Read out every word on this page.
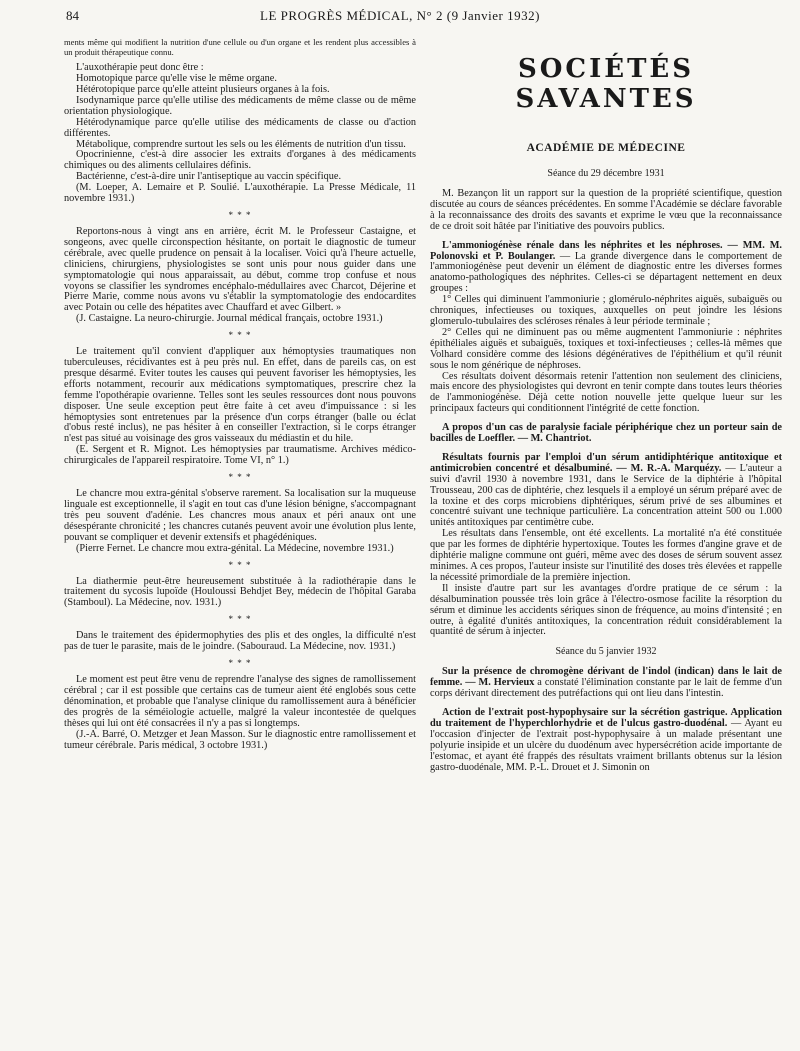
84	LE PROGRÈS MÉDICAL, N° 2 (9 Janvier 1932)

ments même qui modifient la nutrition d'une cellule ou d'un organe et les rendent plus accessibles à un produit thérapeutique connu.

L'auxothérapie peut donc être :

Homotopique parce qu'elle vise le même organe.

Hétérotopique parce qu'elle atteint plusieurs organes à la fois.

Isodynamique parce qu'elle utilise des médicaments de même classe ou de même orientation physiologique.

Hétérodynamique parce qu'elle utilise des médicaments de classe ou d'action différentes.

Métabolique, comprendre surtout les sels ou les éléments de nutrition d'un tissu.

Opocrinienne, c'est-à dire associer les extraits d'organes à des médicaments chimiques ou des aliments cellulaires définis.

Bactérienne, c'est-à-dire unir l'antiseptique au vaccin spécifique.

(M. Loeper, A. Lemaire et P. Soulié. L'auxothérapie. La Presse Médicale, 11 novembre 1931.)

* * *

Reportons-nous à vingt ans en arrière, écrit M. le Professeur Castaigne, et songeons, avec quelle circonspection hésitante, on portait le diagnostic de tumeur cérébrale, avec quelle prudence on pensait à la localiser. Voici qu'à l'heure actuelle, cliniciens, chirurgiens, physiologistes se sont unis pour nous guider dans une symptomatologie qui nous apparaissait, au début, comme trop confuse et nous voyons se classifier les syndromes encéphalo-médullaires avec Charcot, Déjerine et Pierre Marie, comme nous avons vu s'établir la symptomatologie des endocardites avec Potain ou celle des hépatites avec Chauffard et avec Gilbert. »

(J. Castaigne. La neuro-chirurgie. Journal médical français, octobre 1931.)

* * *

Le traitement qu'il convient d'appliquer aux hémoptysies traumatiques non tuberculeuses, récidivantes est à peu près nul. En effet, dans de pareils cas, on est presque désarmé. Eviter toutes les causes qui peuvent favoriser les hémoptysies, les efforts notamment, recourir aux médications symptomatiques, prescrire chez la femme l'opothérapie ovarienne. Telles sont les seules ressources dont nous pouvons disposer. Une seule exception peut être faite à cet aveu d'impuissance : si les hémoptysies sont entretenues par la présence d'un corps étranger (balle ou éclat d'obus resté inclus), ne pas hésiter à en conseiller l'extraction, si le corps étranger n'est pas situé au voisinage des gros vaisseaux du médiastin et du hile.

(E. Sergent et R. Mignot. Les hémoptysies par traumatisme. Archives médico-chirurgicales de l'appareil respiratoire. Tome VI, n° 1.)

* * *

Le chancre mou extra-génital s'observe rarement. Sa localisation sur la muqueuse linguale est exceptionnelle, il s'agit en tout cas d'une lésion bénigne, s'accompagnant très peu souvent d'adénie. Les chancres mous anaux et péri anaux ont une désespérante chronicité ; les chancres cutanés peuvent avoir une évolution plus lente, pouvant se compliquer et devenir extensifs et phagédéniques.

(Pierre Fernet. Le chancre mou extra-génital. La Médecine, novembre 1931.)

* * *

La diathermie peut-être heureusement substituée à la radiothérapie dans le traitement du sycosis lupoïde (Houloussi Behdjet Bey, médecin de l'hôpital Garaba (Stamboul). La Médecine, nov. 1931.)

* * *

Dans le traitement des épidermophyties des plis et des ongles, la difficulté n'est pas de tuer le parasite, mais de le joindre. (Sabouraud. La Médecine, nov. 1931.)

* * *

Le moment est peut être venu de reprendre l'analyse des signes de ramollissement cérébral ; car il est possible que certains cas de tumeur aient été englobés sous cette dénomination, et probable que l'analyse clinique du ramollissement aura à bénéficier des progrès de la séméiologie actuelle, malgré la valeur incontestée de quelques thèses qui lui ont été consacrées il n'y a pas si longtemps.

(J.-A. Barré, O. Metzger et Jean Masson. Sur le diagnostic entre ramollissement et tumeur cérébrale. Paris médical, 3 octobre 1931.)

SOCIÉTÉS SAVANTES
ACADÉMIE DE MÉDECINE
Séance du 29 décembre 1931

M. Bezançon lit un rapport sur la question de la propriété scientifique, question discutée au cours de séances précédentes. En somme l'Académie se déclare favorable à la reconnaissance des droits des savants et exprime le vœu que la reconnaissance de ce droit soit hâtée par l'initiative des pouvoirs publics.

L'ammoniogénèse rénale dans les néphrites et les néphroses. — MM. M. Polonovski et P. Boulanger. — La grande divergence dans le comportement de l'ammoniogénèse peut devenir un élément de diagnostic entre les diverses formes anatomo-pathologiques des néphrites. Celles-ci se départagent nettement en deux groupes :

1° Celles qui diminuent l'ammoniurie ; glomérulo-néphrites aiguës, subaiguës ou chroniques, infectieuses ou toxiques, auxquelles on peut joindre les lésions glomerulo-tubulaires des scléroses rénales à leur période terminale ;

2° Celles qui ne diminuent pas ou même augmentent l'ammoniurie : néphrites épithéliales aiguës et subaiguës, toxiques et toxi-infectieuses ; celles-là mêmes que Volhard considère comme des lésions dégénératives de l'épithélium et qu'il réunit sous le nom générique de néphroses.

Ces résultats doivent désormais retenir l'attention non seulement des cliniciens, mais encore des physiologistes qui devront en tenir compte dans toutes leurs théories de l'ammoniogénèse. Déjà cette notion nouvelle jette quelque lueur sur les principaux facteurs qui conditionnent l'intégrité de cette fonction.

A propos d'un cas de paralysie faciale périphérique chez un porteur sain de bacilles de Loeffler. — M. Chantriot.

Résultats fournis par l'emploi d'un sérum antidiphtérique antitoxique et antimicrobien concentré et désalbuminé. — M. R.-A. Marquézy. — L'auteur a suivi d'avril 1930 à novembre 1931, dans le Service de la diphtérie à l'hôpital Trousseau, 200 cas de diphtérie, chez lesquels il a employé un sérum préparé avec de la toxine et des corps microbiens diphtériques, sérum privé de ses albumines et concentré suivant une technique particulière. La concentration atteint 500 ou 1.000 unités antitoxiques par centimètre cube.

Les résultats dans l'ensemble, ont été excellents. La mortalité n'a été constituée que par les formes de diphtérie hypertoxique. Toutes les formes d'angine grave et de diphtérie maligne commune ont guéri, même avec des doses de sérum souvent assez minimes. A ces propos, l'auteur insiste sur l'inutilité des doses très élevées et rappelle la nécessité primordiale de la première injection.

Il insiste d'autre part sur les avantages d'ordre pratique de ce sérum : la désalbumination poussée très loin grâce à l'électro-osmose facilite la résorption du sérum et diminue les accidents sériques sinon de fréquence, au moins d'intensité ; en outre, à égalité d'unités antitoxiques, la concentration réduit considérablement la quantité de sérum à injecter.

Séance du 5 janvier 1932

Sur la présence de chromogène dérivant de l'indol (indican) dans le lait de femme. — M. Hervieux a constaté l'élimination constante par le lait de femme d'un corps dérivant directement des putréfactions qui ont lieu dans l'intestin.

Action de l'extrait post-hypophysaire sur la sécrétion gastrique. Application du traitement de l'hyperchlorhydrie et de l'ulcus gastro-duodénal. — Ayant eu l'occasion d'injecter de l'extrait post-hypophysaire à un malade présentant une polyurie insipide et un ulcère du duodénum avec hypersécrétion acide importante de l'estomac, et ayant été frappés des résultats vraiment brillants obtenus sur la lésion gastro-duodénale, MM. P.-L. Drouet et J. Simonin on
